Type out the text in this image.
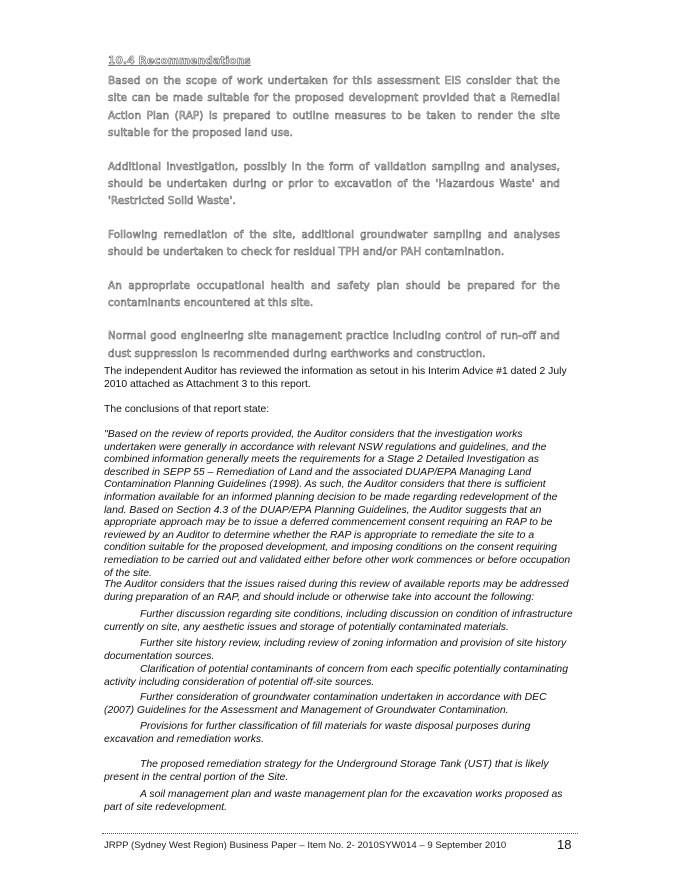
10.4 Recommendations

Based on the scope of work undertaken for this assessment EIS consider that the site can be made suitable for the proposed development provided that a Remedial Action Plan (RAP) is prepared to outline measures to be taken to render the site suitable for the proposed land use.

Additional investigation, possibly in the form of validation sampling and analyses, should be undertaken during or prior to excavation of the 'Hazardous Waste' and 'Restricted Solid Waste'.

Following remediation of the site, additional groundwater sampling and analyses should be undertaken to check for residual TPH and/or PAH contamination.

An appropriate occupational health and safety plan should be prepared for the contaminants encountered at this site.

Normal good engineering site management practice including control of run-off and dust suppression is recommended during earthworks and construction.

The independent Auditor has reviewed the information as setout in his Interim Advice #1 dated 2 July 2010 attached as Attachment 3 to this report.

The conclusions of that report state:

"Based on the review of reports provided, the Auditor considers that the investigation works undertaken were generally in accordance with relevant NSW regulations and guidelines, and the combined information generally meets the requirements for a Stage 2 Detailed Investigation as described in SEPP 55 – Remediation of Land and the associated DUAP/EPA Managing Land Contamination Planning Guidelines (1998). As such, the Auditor considers that there is sufficient information available for an informed planning decision to be made regarding redevelopment of the land. Based on Section 4.3 of the DUAP/EPA Planning Guidelines, the Auditor suggests that an appropriate approach may be to issue a deferred commencement consent requiring an RAP to be reviewed by an Auditor to determine whether the RAP is appropriate to remediate the site to a condition suitable for the proposed development, and imposing conditions on the consent requiring remediation to be carried out and validated either before other work commences or before occupation of the site.

The Auditor considers that the issues raised during this review of available reports may be addressed during preparation of an RAP, and should include or otherwise take into account the following:

Further discussion regarding site conditions, including discussion on condition of infrastructure currently on site, any aesthetic issues and storage of potentially contaminated materials.

Further site history review, including review of zoning information and provision of site history documentation sources.

Clarification of potential contaminants of concern from each specific potentially contaminating activity including consideration of potential off-site sources.

Further consideration of groundwater contamination undertaken in accordance with DEC (2007) Guidelines for the Assessment and Management of Groundwater Contamination.

Provisions for further classification of fill materials for waste disposal purposes during excavation and remediation works.

The proposed remediation strategy for the Underground Storage Tank (UST) that is likely present in the central portion of the Site.

A soil management plan and waste management plan for the excavation works proposed as part of site redevelopment.

JRPP (Sydney West Region) Business Paper – Item No. 2- 2010SYW014 – 9 September 2010	18
